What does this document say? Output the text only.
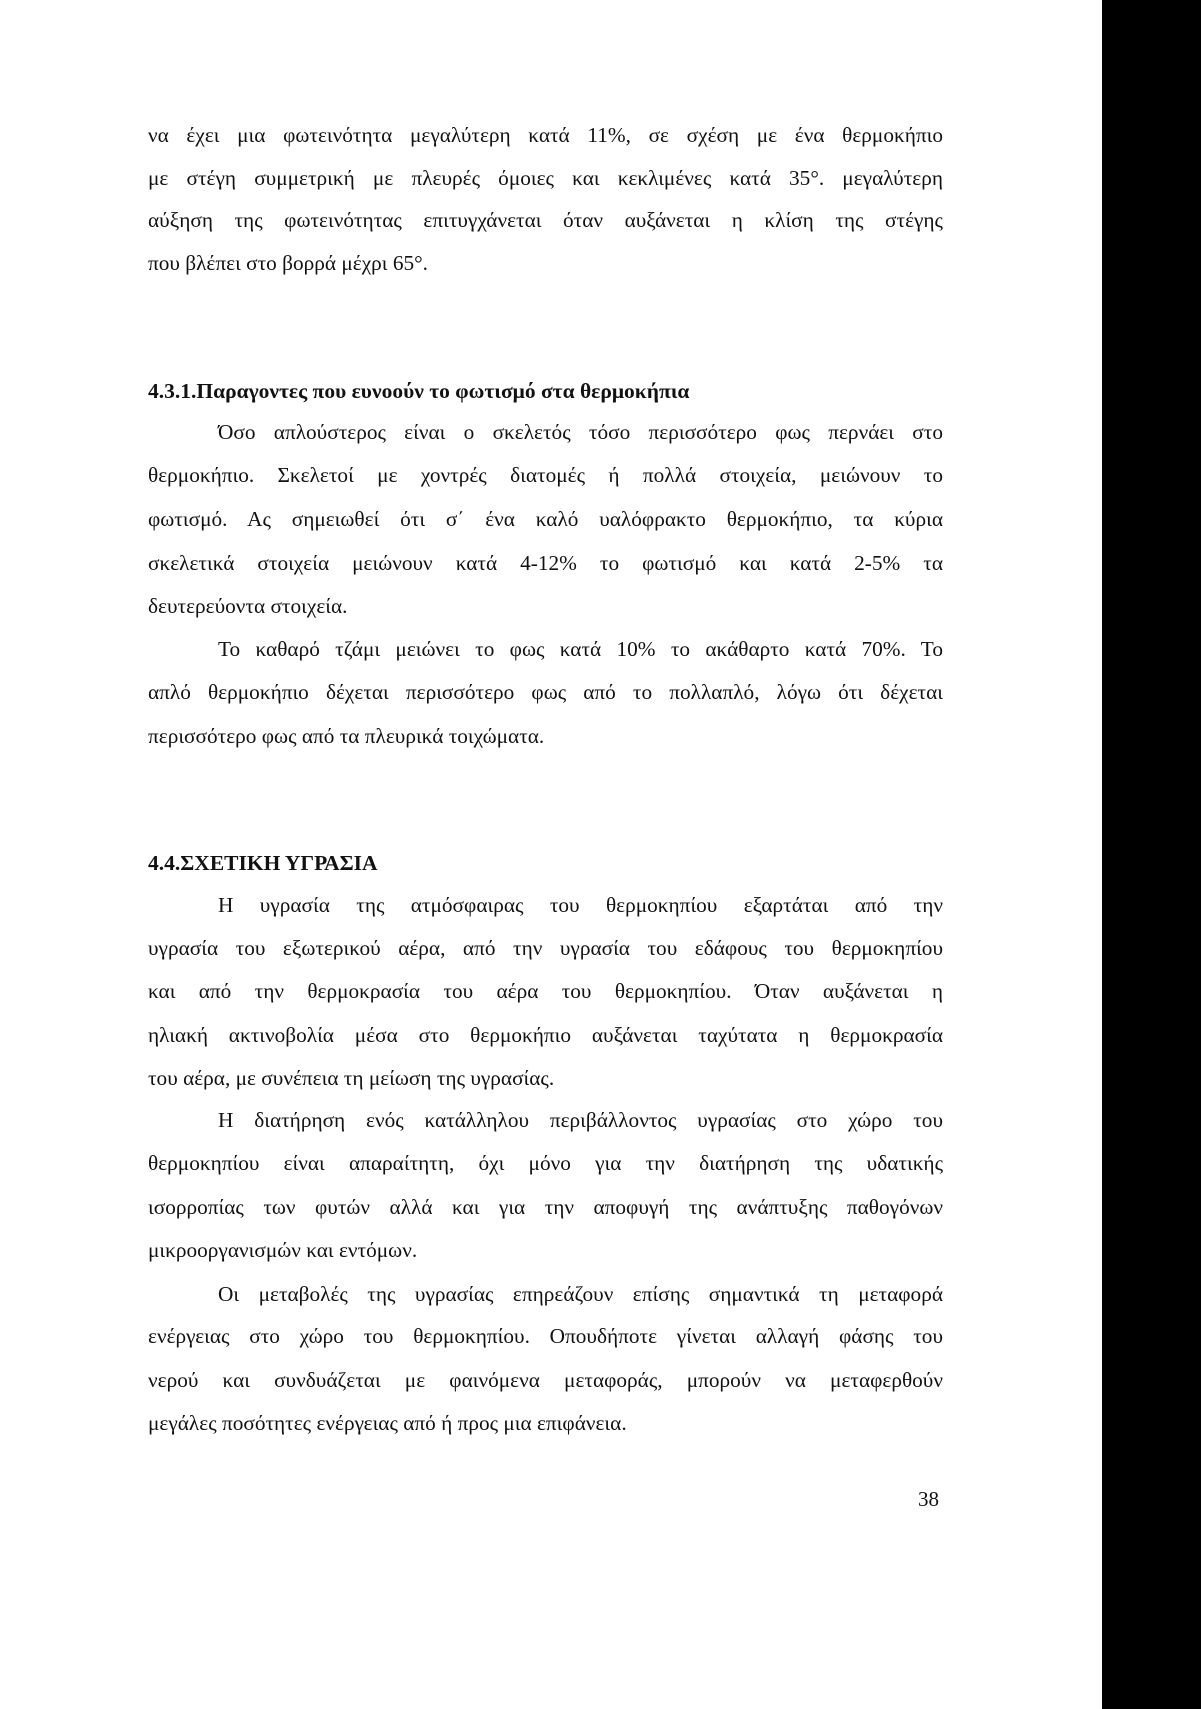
να έχει μια φωτεινότητα μεγαλύτερη κατά 11%, σε σχέση με ένα θερμοκήπιο
με στέγη συμμετρική με πλευρές όμοιες και κεκλιμένες κατά 35°. μεγαλύτερη
αύξηση της φωτεινότητας επιτυγχάνεται όταν αυξάνεται η κλίση της στέγης
που βλέπει στο βορρά μέχρι 65°.
4.3.1.Παραγοντες που ευνοούν το φωτισμό στα θερμοκήπια
Όσο απλούστερος είναι ο σκελετός τόσο περισσότερο φως περνάει στο
θερμοκήπιο. Σκελετοί με χοντρές διατομές ή πολλά στοιχεία, μειώνουν το
φωτισμό. Ας σημειωθεί ότι σ΄ ένα καλό υαλόφρακτο θερμοκήπιο, τα κύρια
σκελετικά στοιχεία μειώνουν κατά 4-12% το φωτισμό και κατά 2-5% τα
δευτερεύοντα στοιχεία.
Το καθαρό τζάμι μειώνει το φως κατά 10% το ακάθαρτο κατά 70%. Το
απλό θερμοκήπιο δέχεται περισσότερο φως από το πολλαπλό, λόγω ότι δέχεται
περισσότερο φως από τα πλευρικά τοιχώματα.
4.4.ΣΧΕΤΙΚΗ ΥΓΡΑΣΙΑ
Η υγρασία της ατμόσφαιρας του θερμοκηπίου εξαρτάται από την
υγρασία του εξωτερικού αέρα, από την υγρασία του εδάφους του θερμοκηπίου
και από την θερμοκρασία του αέρα του θερμοκηπίου. Όταν αυξάνεται η
ηλιακή ακτινοβολία μέσα στο θερμοκήπιο αυξάνεται ταχύτατα η θερμοκρασία
του αέρα, με συνέπεια τη μείωση της υγρασίας.
Η διατήρηση ενός κατάλληλου περιβάλλοντος υγρασίας στο χώρο του
θερμοκηπίου είναι απαραίτητη, όχι μόνο για την διατήρηση της υδατικής
ισορροπίας των φυτών αλλά και για την αποφυγή της ανάπτυξης παθογόνων
μικροοργανισμών και εντόμων.
Οι μεταβολές της υγρασίας επηρεάζουν επίσης σημαντικά τη μεταφορά
ενέργειας στο χώρο του θερμοκηπίου. Οπουδήποτε γίνεται αλλαγή φάσης του
νερού και συνδυάζεται με φαινόμενα μεταφοράς, μπορούν να μεταφερθούν
μεγάλες ποσότητες ενέργειας από ή προς μια επιφάνεια.
38
